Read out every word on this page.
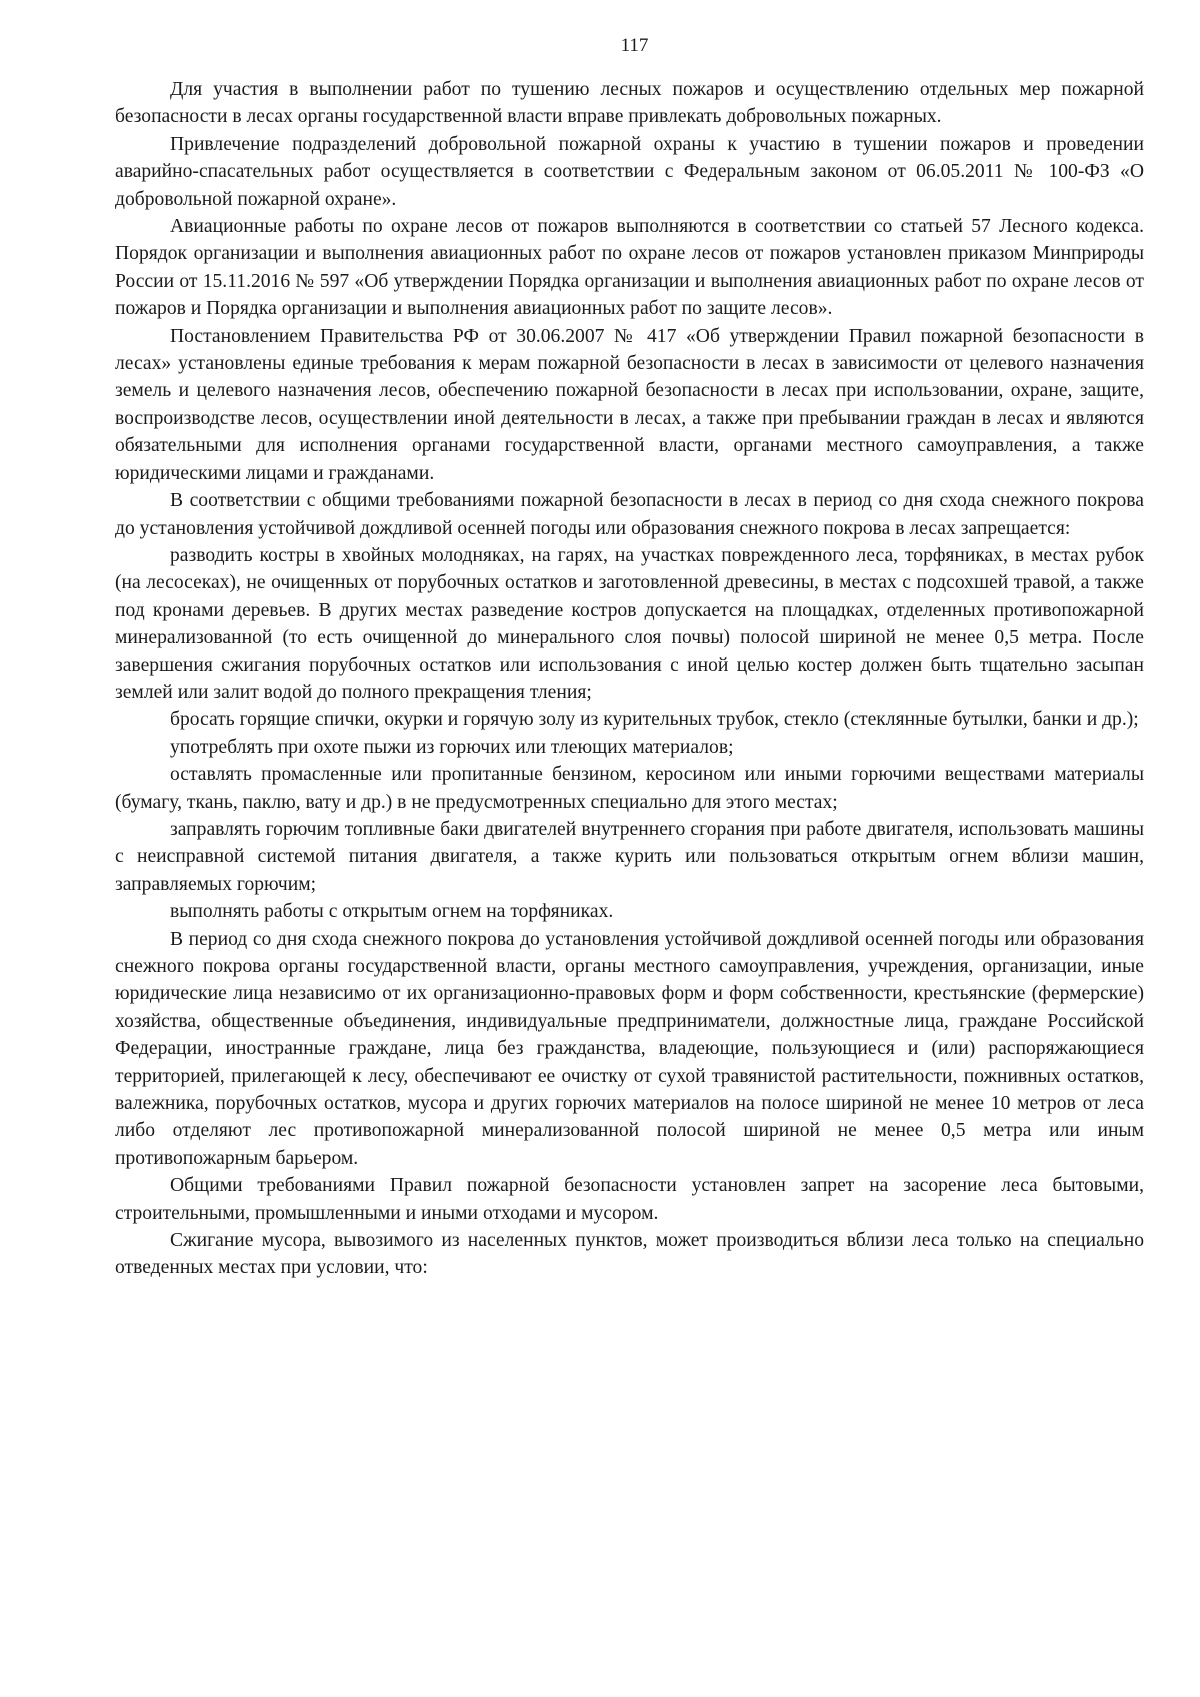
117

Для участия в выполнении работ по тушению лесных пожаров и осуществлению отдельных мер пожарной безопасности в лесах органы государственной власти вправе привлекать добровольных пожарных.

Привлечение подразделений добровольной пожарной охраны к участию в тушении пожаров и проведении аварийно-спасательных работ осуществляется в соответствии с Федеральным законом от 06.05.2011 № 100-ФЗ «О добровольной пожарной охране».

Авиационные работы по охране лесов от пожаров выполняются в соответствии со статьей 57 Лесного кодекса. Порядок организации и выполнения авиационных работ по охране лесов от пожаров установлен приказом Минприроды России от 15.11.2016 № 597 «Об утверждении Порядка организации и выполнения авиационных работ по охране лесов от пожаров и Порядка организации и выполнения авиационных работ по защите лесов».

Постановлением Правительства РФ от 30.06.2007 № 417 «Об утверждении Правил пожарной безопасности в лесах» установлены единые требования к мерам пожарной безопасности в лесах в зависимости от целевого назначения земель и целевого назначения лесов, обеспечению пожарной безопасности в лесах при использовании, охране, защите, воспроизводстве лесов, осуществлении иной деятельности в лесах, а также при пребывании граждан в лесах и являются обязательными для исполнения органами государственной власти, органами местного самоуправления, а также юридическими лицами и гражданами.

В соответствии с общими требованиями пожарной безопасности в лесах в период со дня схода снежного покрова до установления устойчивой дождливой осенней погоды или образования снежного покрова в лесах запрещается:

разводить костры в хвойных молодняках, на гарях, на участках поврежденного леса, торфяниках, в местах рубок (на лесосеках), не очищенных от порубочных остатков и заготовленной древесины, в местах с подсохшей травой, а также под кронами деревьев. В других местах разведение костров допускается на площадках, отделенных противопожарной минерализованной (то есть очищенной до минерального слоя почвы) полосой шириной не менее 0,5 метра. После завершения сжигания порубочных остатков или использования с иной целью костер должен быть тщательно засыпан землей или залит водой до полного прекращения тления;

бросать горящие спички, окурки и горячую золу из курительных трубок, стекло (стеклянные бутылки, банки и др.);

употреблять при охоте пыжи из горючих или тлеющих материалов;

оставлять промасленные или пропитанные бензином, керосином или иными горючими веществами материалы (бумагу, ткань, паклю, вату и др.) в не предусмотренных специально для этого местах;

заправлять горючим топливные баки двигателей внутреннего сгорания при работе двигателя, использовать машины с неисправной системой питания двигателя, а также курить или пользоваться открытым огнем вблизи машин, заправляемых горючим;

выполнять работы с открытым огнем на торфяниках.

В период со дня схода снежного покрова до установления устойчивой дождливой осенней погоды или образования снежного покрова органы государственной власти, органы местного самоуправления, учреждения, организации, иные юридические лица независимо от их организационно-правовых форм и форм собственности, крестьянские (фермерские) хозяйства, общественные объединения, индивидуальные предприниматели, должностные лица, граждане Российской Федерации, иностранные граждане, лица без гражданства, владеющие, пользующиеся и (или) распоряжающиеся территорией, прилегающей к лесу, обеспечивают ее очистку от сухой травянистой растительности, пожнивных остатков, валежника, порубочных остатков, мусора и других горючих материалов на полосе шириной не менее 10 метров от леса либо отделяют лес противопожарной минерализованной полосой шириной не менее 0,5 метра или иным противопожарным барьером.

Общими требованиями Правил пожарной безопасности установлен запрет на засорение леса бытовыми, строительными, промышленными и иными отходами и мусором.

Сжигание мусора, вывозимого из населенных пунктов, может производиться вблизи леса только на специально отведенных местах при условии, что:
